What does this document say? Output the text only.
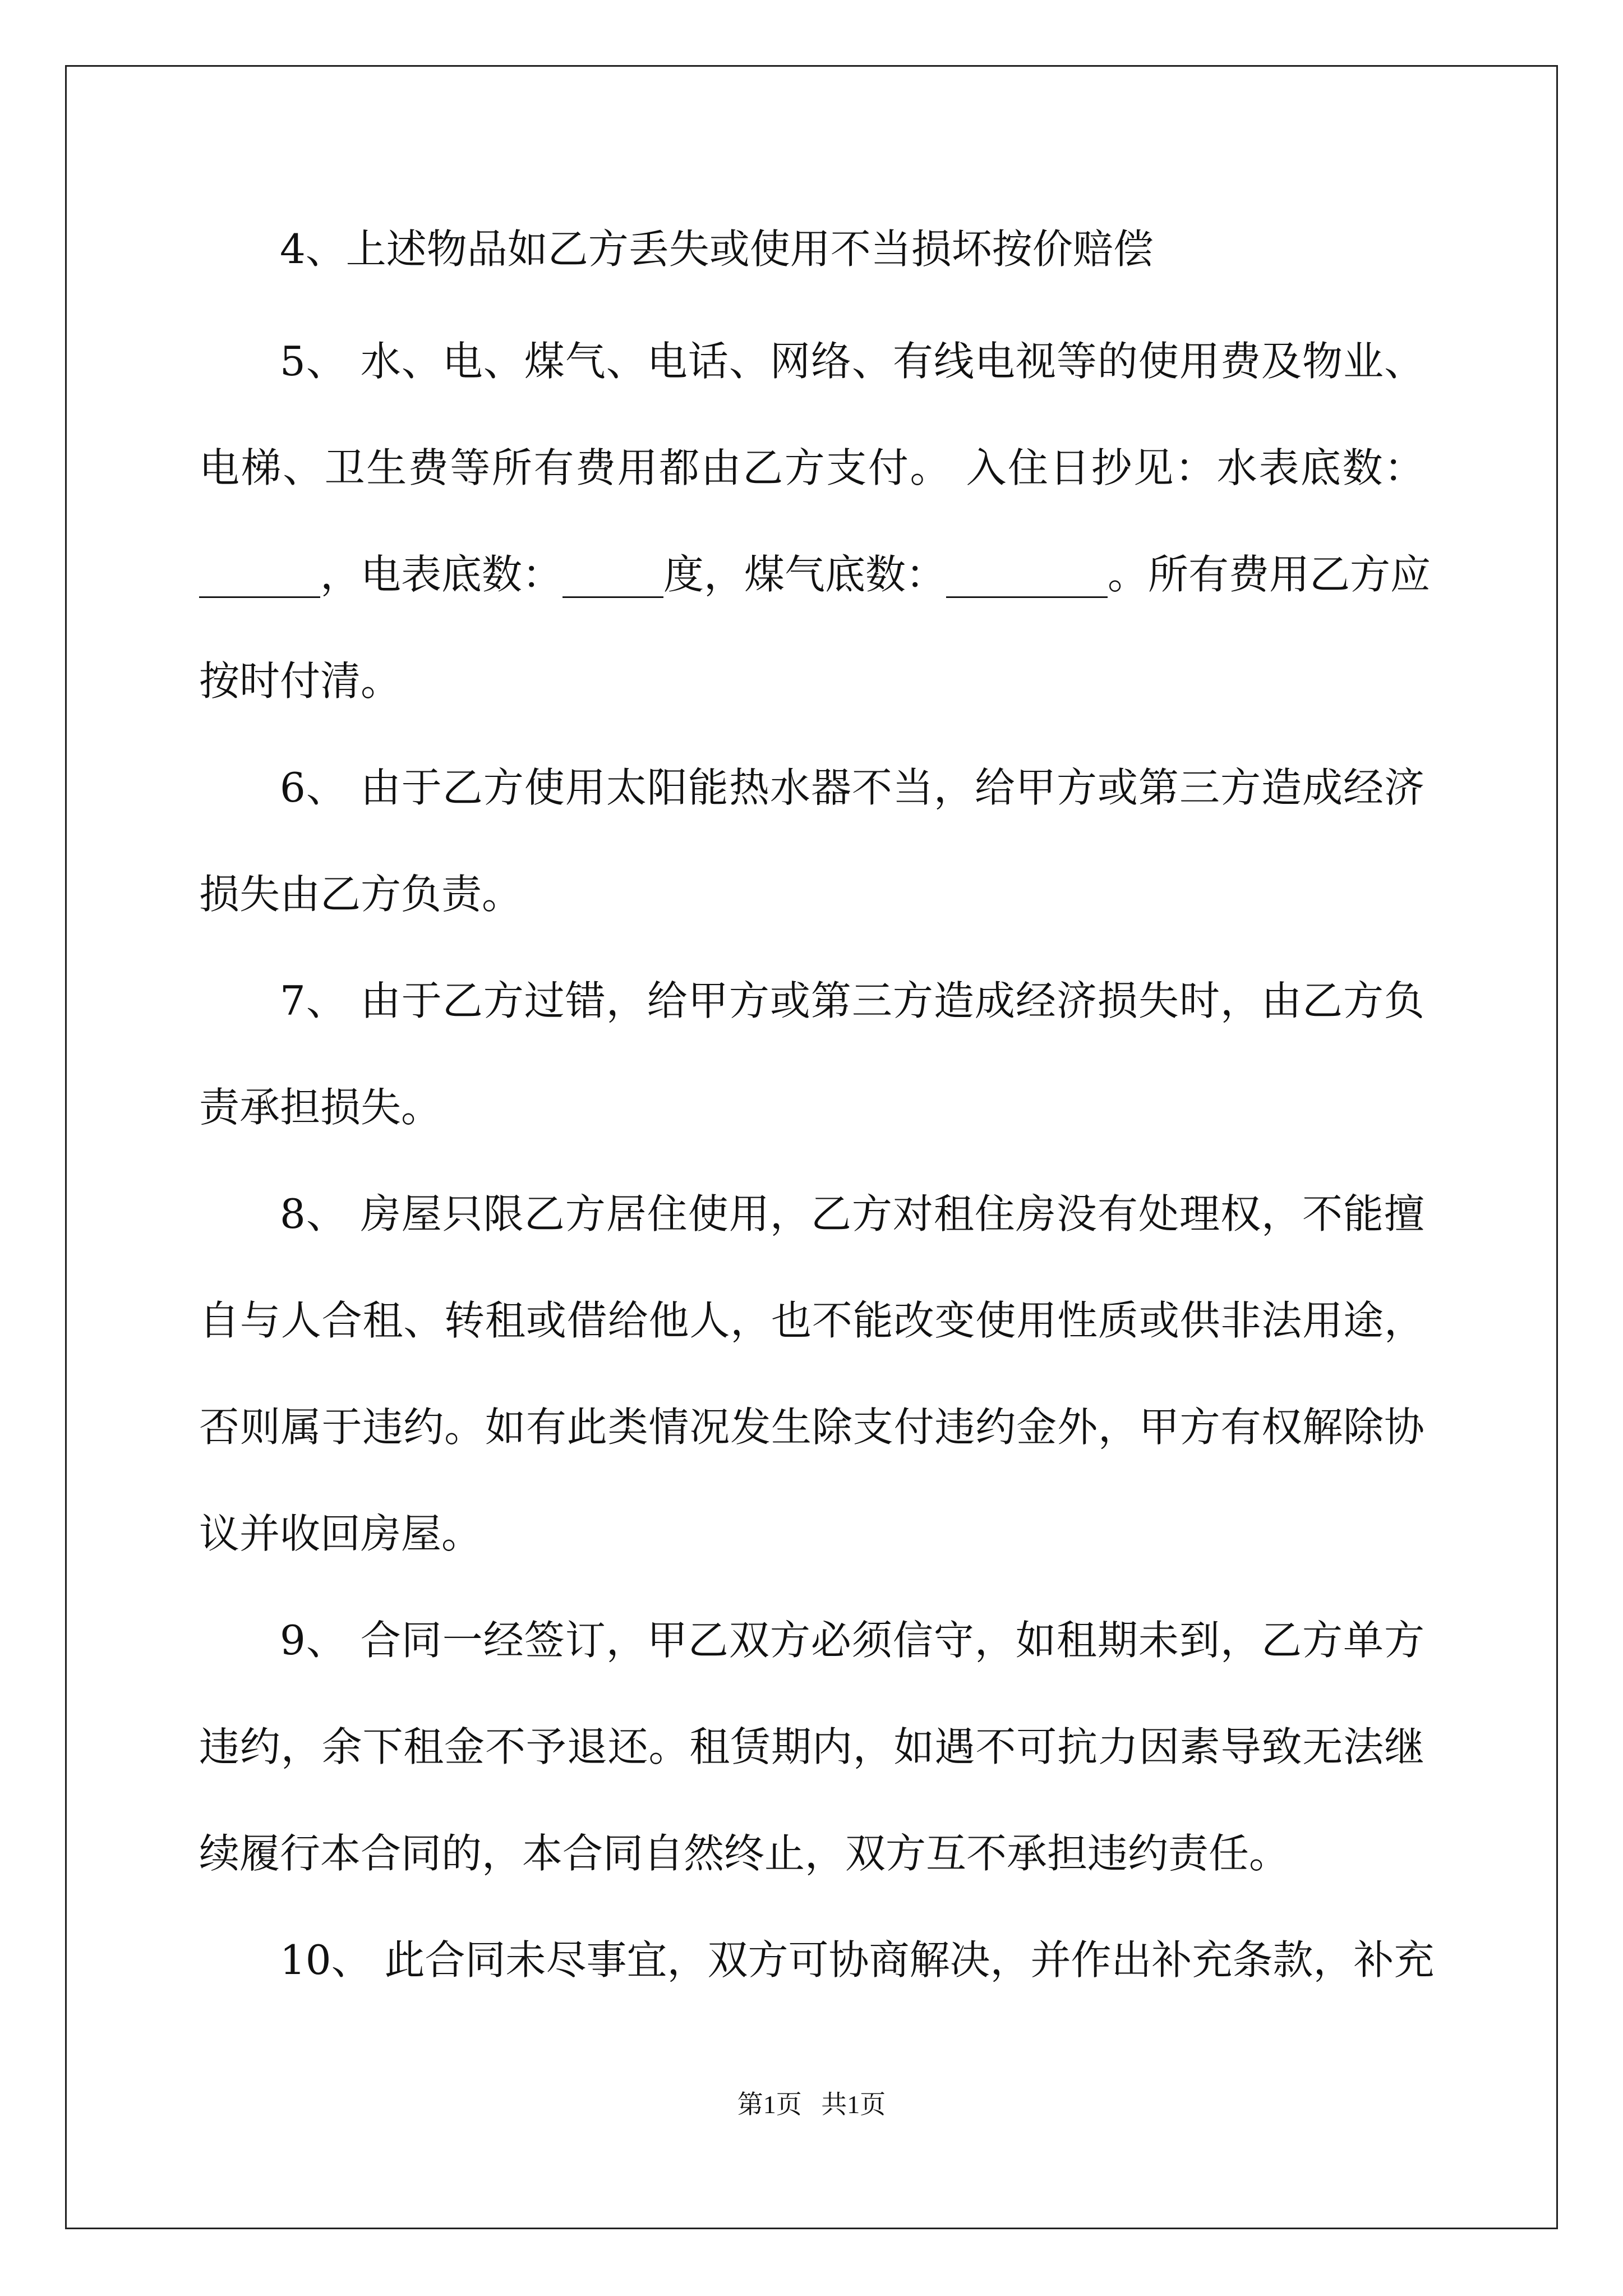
4、上述物品如乙方丢失或使用不当损坏按价赔偿
5、 水、电、煤气、电话、网络、有线电视等的使用费及物业、
电梯、卫生费等所有费用都由乙方支付。 入住日抄见：水表底数：
______，电表底数：_____度，煤气底数：________。所有费用乙方应
按时付清。
6、 由于乙方使用太阳能热水器不当，给甲方或第三方造成经济
损失由乙方负责。
7、 由于乙方过错，给甲方或第三方造成经济损失时，由乙方负
责承担损失。
8、 房屋只限乙方居住使用，乙方对租住房没有处理权，不能擅
自与人合租、转租或借给他人，也不能改变使用性质或供非法用途，
否则属于违约。如有此类情况发生除支付违约金外，甲方有权解除协
议并收回房屋。
9、 合同一经签订，甲乙双方必须信守，如租期未到，乙方单方
违约，余下租金不予退还。租赁期内，如遇不可抗力因素导致无法继
续履行本合同的，本合同自然终止，双方互不承担违约责任。
10、 此合同未尽事宜，双方可协商解决，并作出补充条款，补充
第1页   共1页
